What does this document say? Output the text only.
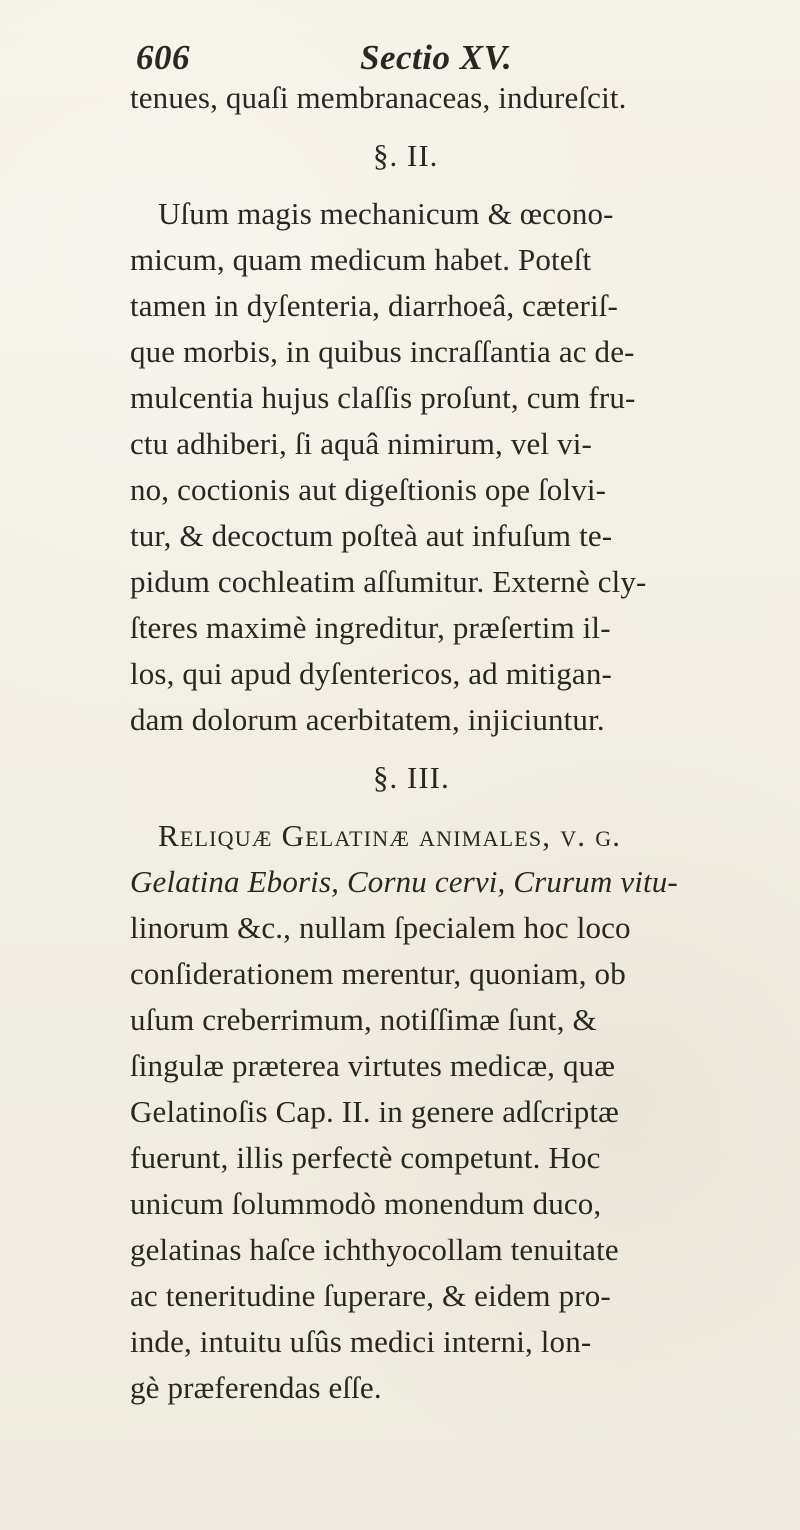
606	Sectio XV.
tenues, quaſi membranaceas, indureſcit.
§. II.
Uſum magis mechanicum & œcono-
micum, quam medicum habet. Poteſt
tamen in dyſenteria, diarrhoeâ, cæteriſ-
que morbis, in quibus incraſſantia ac de-
mulcentia hujus claſſis proſunt, cum fru-
ctu adhiberi, ſi aquâ nimirum, vel vi-
no, coctionis aut digeſtionis ope ſolvi-
tur, & decoctum poſteà aut infuſum te-
pidum cochleatim aſſumitur. Externè cly-
ſteres maximè ingreditur, præſertim il-
los, qui apud dyſentericos, ad mitigan-
dam dolorum acerbitatem, injiciuntur.
§. III.
Reliquæ Gelatinæ animales, v. g.
Gelatina Eboris, Cornu cervi, Crurum vitu-
linorum &c., nullam ſpecialem hoc loco
conſiderationem merentur, quoniam, ob
uſum creberrimum, notiſſimæ ſunt, &
ſingulæ præterea virtutes medicæ, quæ
Gelatinoſis Cap. II. in genere adſcriptæ
fuerunt, illis perfectè competunt. Hoc
unicum ſolummodò monendum duco,
gelatinas haſce ichthyocollam tenuitate
ac teneritudine ſuperare, & eidem pro-
inde, intuitu uſûs medici interni, lon-
gè præferendas eſſe.
